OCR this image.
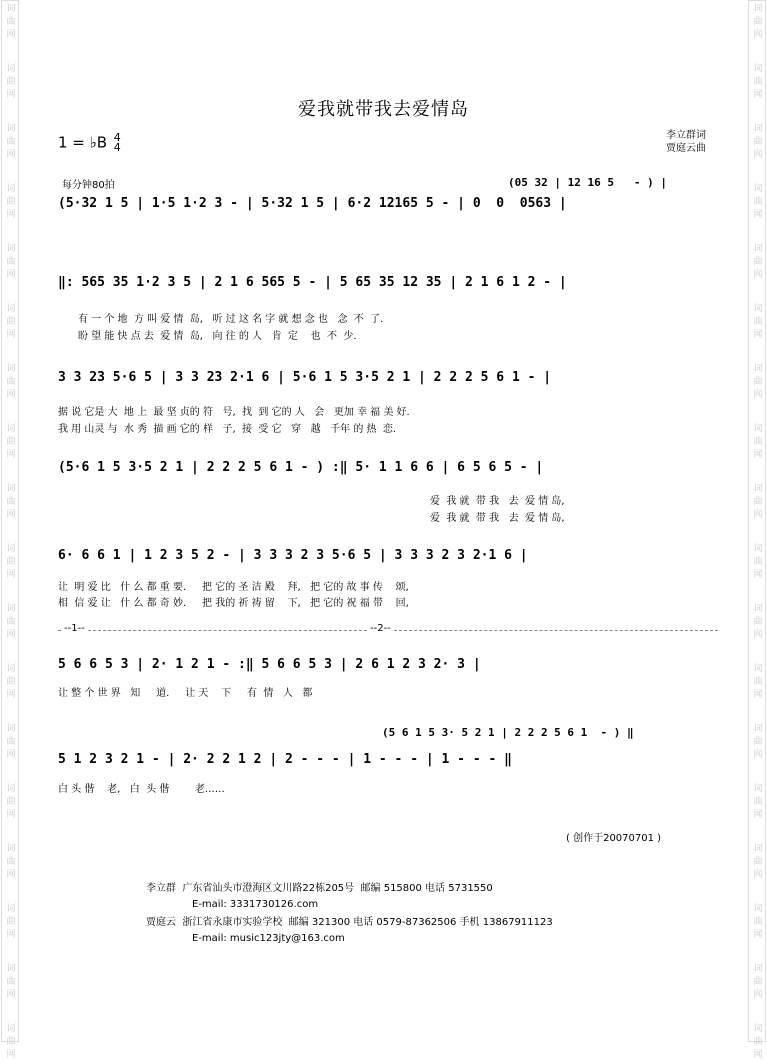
词
曲
网
词
曲
网
词
曲
网
词
曲
网
词
曲
网
词
曲
网
词
曲
网
词
曲
网
词
曲
网
词
曲
网
词
曲
网
词
曲
网
词
曲
网
词
曲
网
词
曲
网
词
曲
网
词
曲
网
词
曲
网
词
曲
网
词
曲
网
词
曲
网
词
曲
网
词
曲
网
词
曲
网
词
曲
网
词
曲
网
词
曲
网
词
曲
网
词
曲
网
词
曲
网
词
曲
网
词
曲
网
词
曲
网
词
曲
网
词
曲
网
词
曲
网
爱我就带我去爱情岛
1 = ♭B 4
4
李立群词
贾庭云曲
每分钟80拍	(05 32 | 12 16 5   - ) |
(5·32 1 5 | 1·5 1·2 3 - | 5·32 1 5 | 6·2 12165 5 - | 0  0  0563 |
‖: 565 35 1·2 3 5 | 2 1 6 565 5 - | 5 65 35 12 35 | 2 1 6 1 2 - |
有 一 个 地  方 叫 爱 情  岛,   听 过 这 名 字 就 想 念 也   念  不  了.
盼 望 能 快 点 去  爱 情  岛,   向 往 的 人   肯  定    也  不  少.
3 3 23 5·6 5 | 3 3 23 2·1 6 | 5·6 1 5 3·5 2 1 | 2 2 2 5 6 1 - |
据 说 它是 大  地 上  最 坚 贞的 符   号,  找  到 它的 人   会   更加 幸 福 美 好.
我 用 山灵 与  水 秀  描 画 它的 样   子,  接  受 它   穿   越   千年 的 热  恋.
(5·6 1 5 3·5 2 1 | 2 2 2 5 6 1 - ) :‖ 5· 1 1 6 6 | 6 5 6 5 - |
爱  我 就  带 我   去  爱 情 岛,
爱  我 就  带 我   去  爱 情 岛,
6· 6 6 1 | 1 2 3 5 2 - | 3 3 3 2 3 5·6 5 | 3 3 3 2 3 2·1 6 |
让  明 爱 比   什 么 都 重 要.     把 它的 圣 洁 殿    拜,   把 它的 故 事 传    颂,
相  信 爱 让   什 么 都 奇 妙.     把 我的 祈 祷 留    下,   把 它的 祝 福 带    回,
--1--	--2--
5 6 6 5 3 | 2· 1 2 1 - :‖ 5 6 6 5 3 | 2 6 1 2 3 2· 3 |
让 整 个 世 界   知     道.     让 天    下     有  情   人   都
(5 6 1 5 3· 5 2 1 | 2 2 2 5 6 1  - ) ‖
5 1 2 3 2 1 - | 2· 2 2 1 2 | 2 - - - | 1 - - - | 1 - - - ‖
白 头 偕    老,   白  头 偕        老……
( 创作于20070701 )
李立群 广东省汕头市澄海区文川路22栋205号  邮编 515800 电话 5731550
E-mail: 3331730126.com
贾庭云 浙江省永康市实验学校  邮编 321300 电话 0579-87362506 手机 13867911123
E-mail: music123jty@163.com
